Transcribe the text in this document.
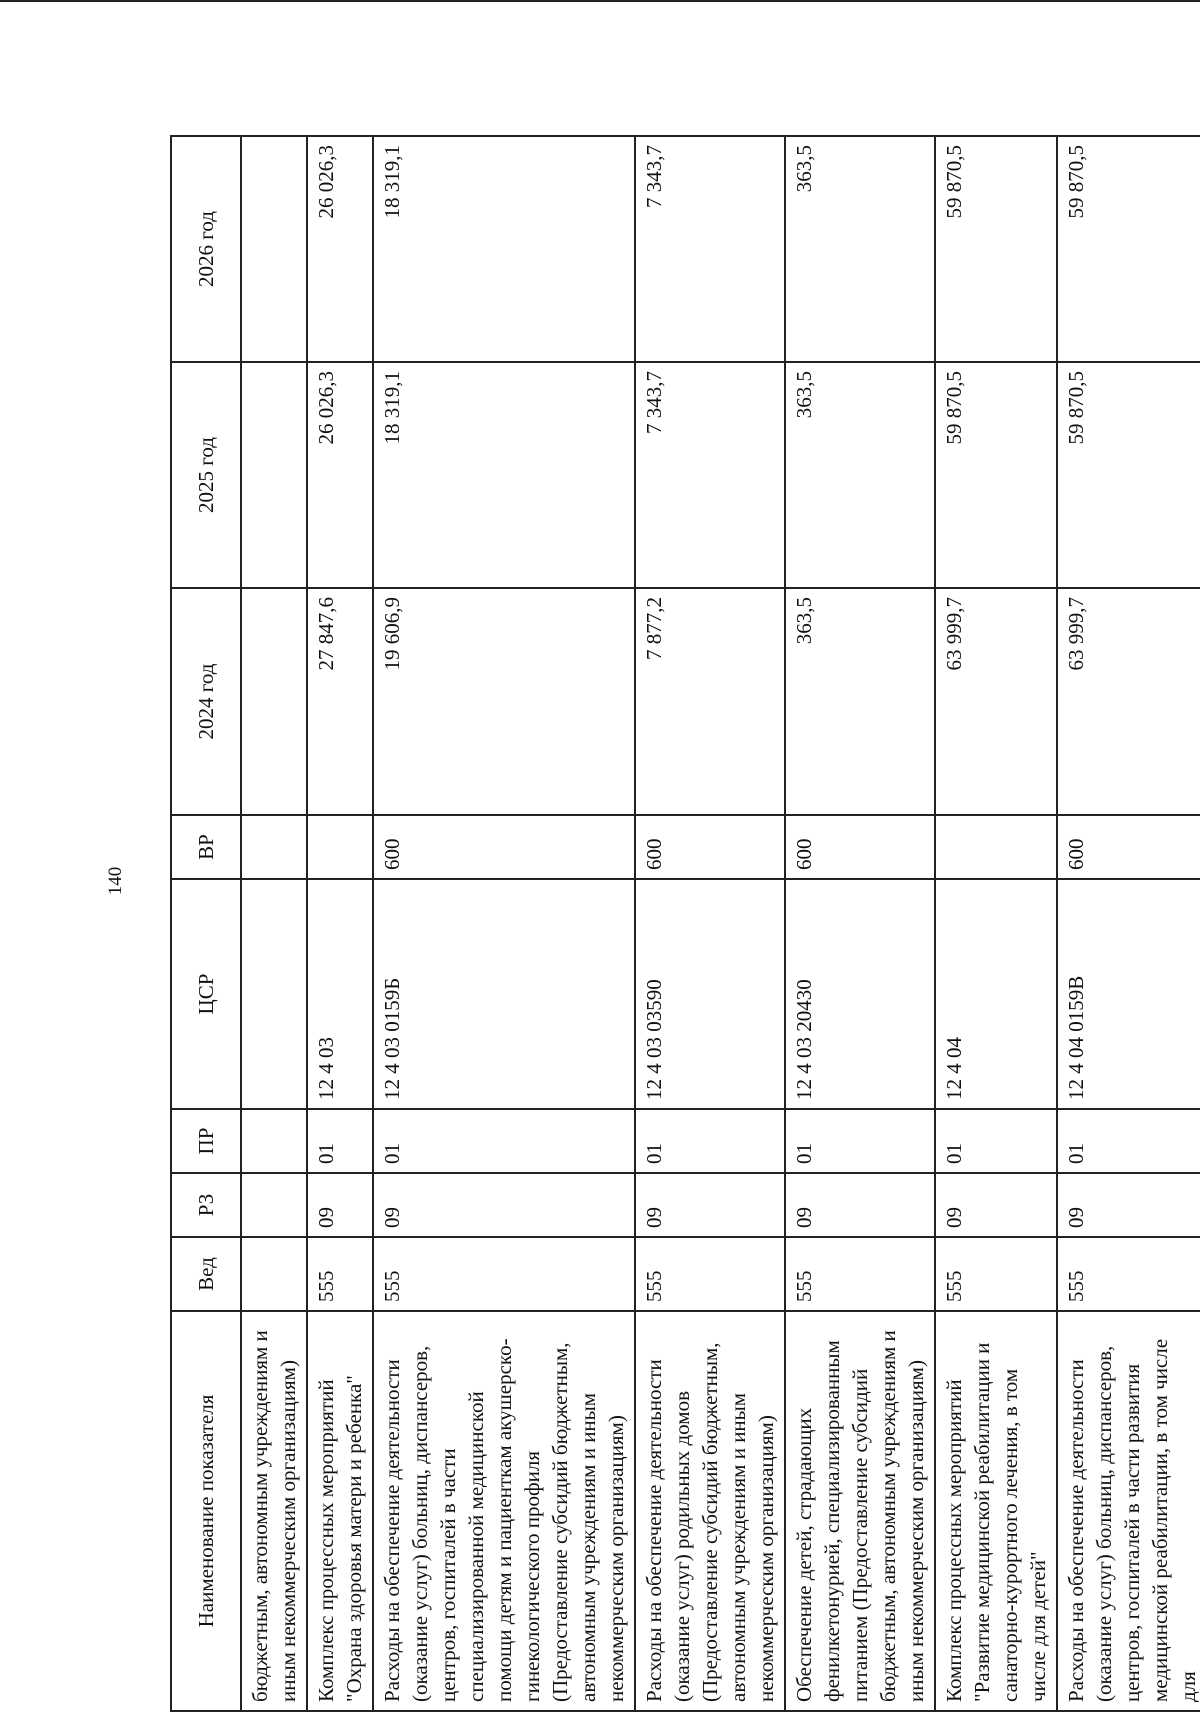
140
Наименование показателя	Вед	РЗ	ПР	ЦСР	ВР	2024 год	2025 год	2026 год
бюджетным, автономным учреждениям и иным некоммерческим организациям)								
Комплекс процессных мероприятий "Охрана здоровья матери и ребенка"	555	09	01	12 4 03		27 847,6	26 026,3	26 026,3
Расходы на обеспечение деятельности (оказание услуг) больниц, диспансеров, центров, госпиталей в части специализированной медицинской помощи детям и пациенткам акушерско-гинекологического профиля (Предоставление субсидий бюджетным, автономным учреждениям и иным некоммерческим организациям)	555	09	01	12 4 03 0159Б	600	19 606,9	18 319,1	18 319,1
Расходы на обеспечение деятельности (оказание услуг) родильных домов (Предоставление субсидий бюджетным, автономным учреждениям и иным некоммерческим организациям)	555	09	01	12 4 03 03590	600	7 877,2	7 343,7	7 343,7
Обеспечение детей, страдающих фенилкетонурией, специализированным питанием (Предоставление субсидий бюджетным, автономным учреждениям и иным некоммерческим организациям)	555	09	01	12 4 03 20430	600	363,5	363,5	363,5
Комплекс процессных мероприятий "Развитие медицинской реабилитации и санаторно-курортного лечения, в том числе для детей"	555	09	01	12 4 04		63 999,7	59 870,5	59 870,5
Расходы на обеспечение деятельности (оказание услуг) больниц, диспансеров, центров, госпиталей в части развития медицинской реабилитации, в том числе для	555	09	01	12 4 04 0159В	600	63 999,7	59 870,5	59 870,5
